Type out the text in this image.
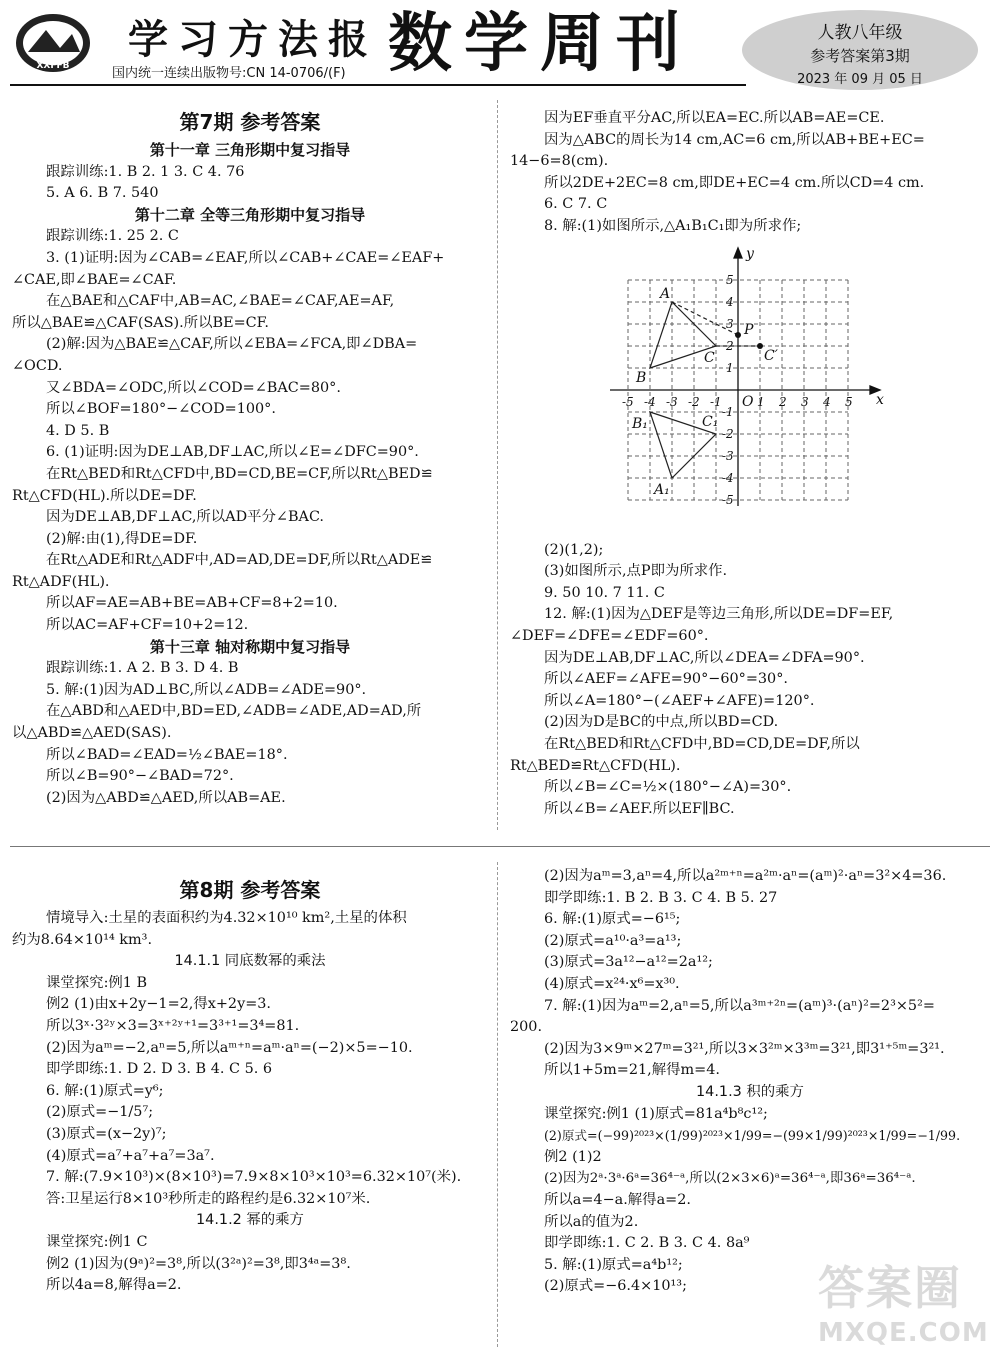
XXFFB
学习方法报
国内统一连续出版物号:CN 14-0706/(F) 数学周刊	人教八年级
参考答案第3期
2023 年 09 月 05 日
第7期 参考答案

第十一章 三角形期中复习指导

跟踪训练:1. B 2. 1 3. C 4. 76

5. A 6. B 7. 540

第十二章 全等三角形期中复习指导

跟踪训练:1. 25 2. C

3. (1)证明:因为∠CAB=∠EAF,所以∠CAB+∠CAE=∠EAF+

∠CAE,即∠BAE=∠CAF.

在△BAE和△CAF中,AB=AC,∠BAE=∠CAF,AE=AF,

所以△BAE≌△CAF(SAS).所以BE=CF.

(2)解:因为△BAE≌△CAF,所以∠EBA=∠FCA,即∠DBA=

∠OCD.

又∠BDA=∠ODC,所以∠COD=∠BAC=80°.

所以∠BOF=180°−∠COD=100°.

4. D 5. B

6. (1)证明:因为DE⊥AB,DF⊥AC,所以∠E=∠DFC=90°.

在Rt△BED和Rt△CFD中,BD=CD,BE=CF,所以Rt△BED≌

Rt△CFD(HL).所以DE=DF.

因为DE⊥AB,DF⊥AC,所以AD平分∠BAC.

(2)解:由(1),得DE=DF.

在Rt△ADE和Rt△ADF中,AD=AD,DE=DF,所以Rt△ADE≌

Rt△ADF(HL).

所以AF=AE=AB+BE=AB+CF=8+2=10.

所以AC=AF+CF=10+2=12.

第十三章 轴对称期中复习指导

跟踪训练:1. A 2. B 3. D 4. B

5. 解:(1)因为AD⊥BC,所以∠ADB=∠ADE=90°.

在△ABD和△AED中,BD=ED,∠ADB=∠ADE,AD=AD,所

以△ABD≌△AED(SAS).

所以∠BAD=∠EAD=½∠BAE=18°.

所以∠B=90°−∠BAD=72°.

(2)因为△ABD≌△AED,所以AB=AE.

因为EF垂直平分AC,所以EA=EC.所以AB=AE=CE.

因为△ABC的周长为14 cm,AC=6 cm,所以AB+BE+EC=

14−6=8(cm).

所以2DE+2EC=8 cm,即DE+EC=4 cm.所以CD=4 cm.

6. C 7. C

8. 解:(1)如图所示,△A₁B₁C₁即为所求作;

(2)(1,2);

(3)如图所示,点P即为所求作.

9. 50 10. 7 11. C

12. 解:(1)因为△DEF是等边三角形,所以DE=DF=EF,

∠DEF=∠DFE=∠EDF=60°.

因为DE⊥AB,DF⊥AC,所以∠DEA=∠DFA=90°.

所以∠AEF=∠AFE=90°−60°=30°.

所以∠A=180°−(∠AEF+∠AFE)=120°.

(2)因为D是BC的中点,所以BD=CD.

在Rt△BED和Rt△CFD中,BD=CD,DE=DF,所以

Rt△BED≌Rt△CFD(HL).

所以∠B=∠C=½×(180°−∠A)=30°.

所以∠B=∠AEF.所以EF∥BC.

x
y
O
A
B
C
P
C′
A₁
B₁	C₁
-5 -4 -3 -2 -1	1 2 3 4 5
5
4
3
2
1
-1
-2
-3
-4
-5
第8期 参考答案

情境导入:土星的表面积约为4.32×10¹⁰ km²,土星的体积

约为8.64×10¹⁴ km³.

14.1.1 同底数幂的乘法

课堂探究:例1 B

例2 (1)由x+2y−1=2,得x+2y=3.

所以3ˣ·3²ʸ×3=3ˣ⁺²ʸ⁺¹=3³⁺¹=3⁴=81.

(2)因为aᵐ=−2,aⁿ=5,所以aᵐ⁺ⁿ=aᵐ·aⁿ=(−2)×5=−10.

即学即练:1. D 2. D 3. B 4. C 5. 6

6. 解:(1)原式=y⁶;

(2)原式=−1/5⁷;

(3)原式=(x−2y)⁷;

(4)原式=a⁷+a⁷+a⁷=3a⁷.

7. 解:(7.9×10³)×(8×10³)=7.9×8×10³×10³=6.32×10⁷(米).

答:卫星运行8×10³秒所走的路程约是6.32×10⁷米.

14.1.2 幂的乘方

课堂探究:例1 C

例2 (1)因为(9ᵃ)²=3⁸,所以(3²ᵃ)²=3⁸,即3⁴ᵃ=3⁸.

所以4a=8,解得a=2.

(2)因为aᵐ=3,aⁿ=4,所以a²ᵐ⁺ⁿ=a²ᵐ·aⁿ=(aᵐ)²·aⁿ=3²×4=36.

即学即练:1. B 2. B 3. C 4. B 5. 27

6. 解:(1)原式=−6¹⁵;

(2)原式=a¹⁰·a³=a¹³;

(3)原式=3a¹²−a¹²=2a¹²;

(4)原式=x²⁴·x⁶=x³⁰.

7. 解:(1)因为aᵐ=2,aⁿ=5,所以a³ᵐ⁺²ⁿ=(aᵐ)³·(aⁿ)²=2³×5²=

200.

(2)因为3×9ᵐ×27ᵐ=3²¹,所以3×3²ᵐ×3³ᵐ=3²¹,即3¹⁺⁵ᵐ=3²¹.

所以1+5m=21,解得m=4.

14.1.3 积的乘方

课堂探究:例1 (1)原式=81a⁴b⁸c¹²;

(2)原式=(−99)²⁰²³×(1/99)²⁰²³×1/99=−(99×1/99)²⁰²³×1/99=−1/99.

例2 (1)2

(2)因为2ᵃ·3ᵃ·6ᵃ=36⁴⁻ᵃ,所以(2×3×6)ᵃ=36⁴⁻ᵃ,即36ᵃ=36⁴⁻ᵃ.

所以a=4−a.解得a=2.

所以a的值为2.

即学即练:1. C 2. B 3. C 4. 8a⁹

5. 解:(1)原式=a⁴b¹²;

(2)原式=−6.4×10¹³;	答案圈
MXQE.COM
